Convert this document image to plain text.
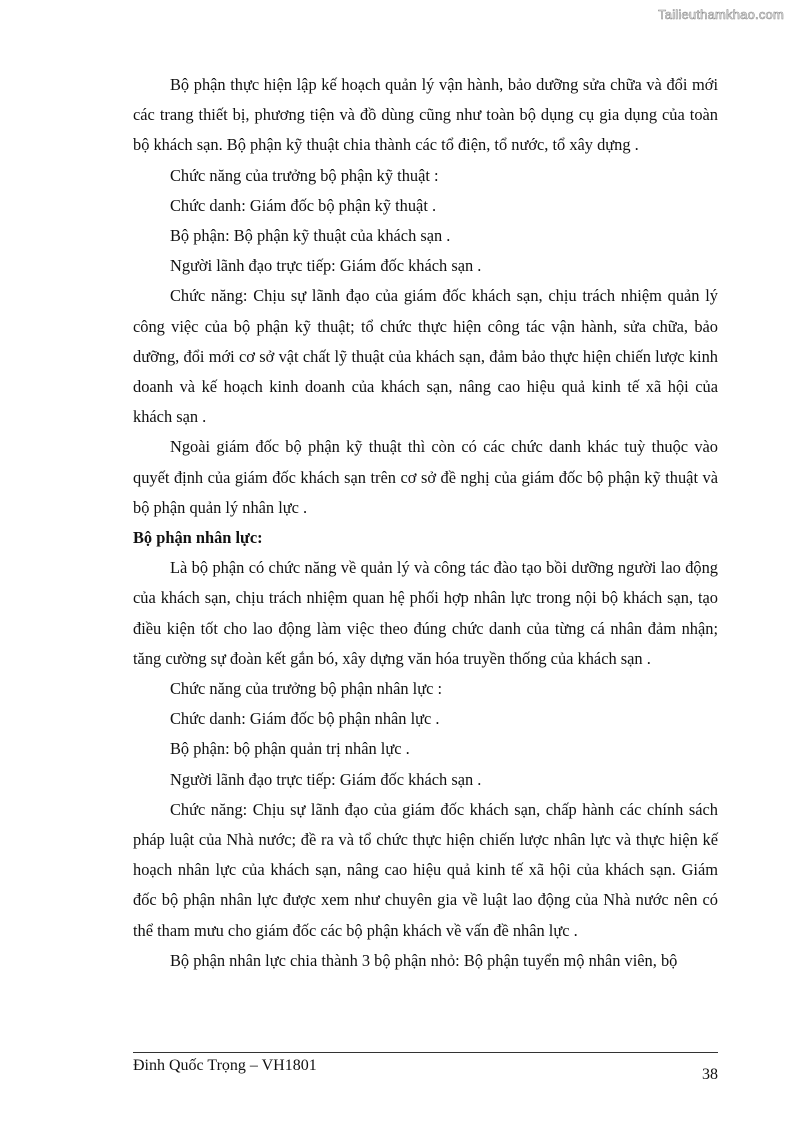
Tailieuthamkhao.com

Bộ phận thực hiện lập kế hoạch quản lý vận hành, bảo dưỡng sửa chữa và đổi mới các trang thiết bị, phương tiện và đồ dùng cũng như toàn bộ dụng cụ gia dụng của toàn bộ khách sạn. Bộ phận kỹ thuật chia thành các tổ điện, tổ nước, tổ xây dựng .

Chức năng của trưởng bộ phận kỹ thuật :

Chức danh: Giám đốc bộ phận kỹ thuật .

Bộ phận: Bộ phận kỹ thuật của khách sạn .

Người lãnh đạo trực tiếp: Giám đốc khách sạn .

Chức năng: Chịu sự lãnh đạo của giám đốc khách sạn, chịu trách nhiệm quản lý công việc của bộ phận kỹ thuật; tổ chức thực hiện công tác vận hành, sửa chữa, bảo dưỡng, đổi mới cơ sở vật chất lỹ thuật của khách sạn, đảm bảo thực hiện chiến lược kinh doanh và kế hoạch kinh doanh của khách sạn, nâng cao hiệu quả kinh tế xã hội của khách sạn .

Ngoài giám đốc bộ phận kỹ thuật thì còn có các chức danh khác tuỳ thuộc vào quyết định của giám đốc khách sạn trên cơ sở đề nghị của giám đốc bộ phận kỹ thuật và bộ phận quản lý nhân lực .

Bộ phận nhân lực:

Là bộ phận có chức năng về quản lý và công tác đào tạo bồi dưỡng người lao động của khách sạn, chịu trách nhiệm quan hệ phối hợp nhân lực trong nội bộ khách sạn, tạo điều kiện tốt cho lao động làm việc theo đúng chức danh của từng cá nhân đảm nhận; tăng cường sự đoàn kết gắn bó, xây dựng văn hóa truyền thống của khách sạn .

Chức năng của trưởng bộ phận nhân lực :

Chức danh: Giám đốc bộ phận nhân lực .

Bộ phận: bộ phận quản trị nhân lực .

Người lãnh đạo trực tiếp: Giám đốc khách sạn .

Chức năng: Chịu sự lãnh đạo của giám đốc khách sạn, chấp hành các chính sách pháp luật của Nhà nước; đề ra và tổ chức thực hiện chiến lược nhân lực và thực hiện kế hoạch nhân lực của khách sạn, nâng cao hiệu quả kinh tế xã hội của khách sạn. Giám đốc bộ phận nhân lực được xem như chuyên gia về luật lao động của Nhà nước nên có thể tham mưu cho giám đốc các bộ phận khách về vấn đề nhân lực .

Bộ phận nhân lực chia thành 3 bộ phận nhỏ: Bộ phận tuyển mộ nhân viên, bộ

Đinh Quốc Trọng – VH1801
38
